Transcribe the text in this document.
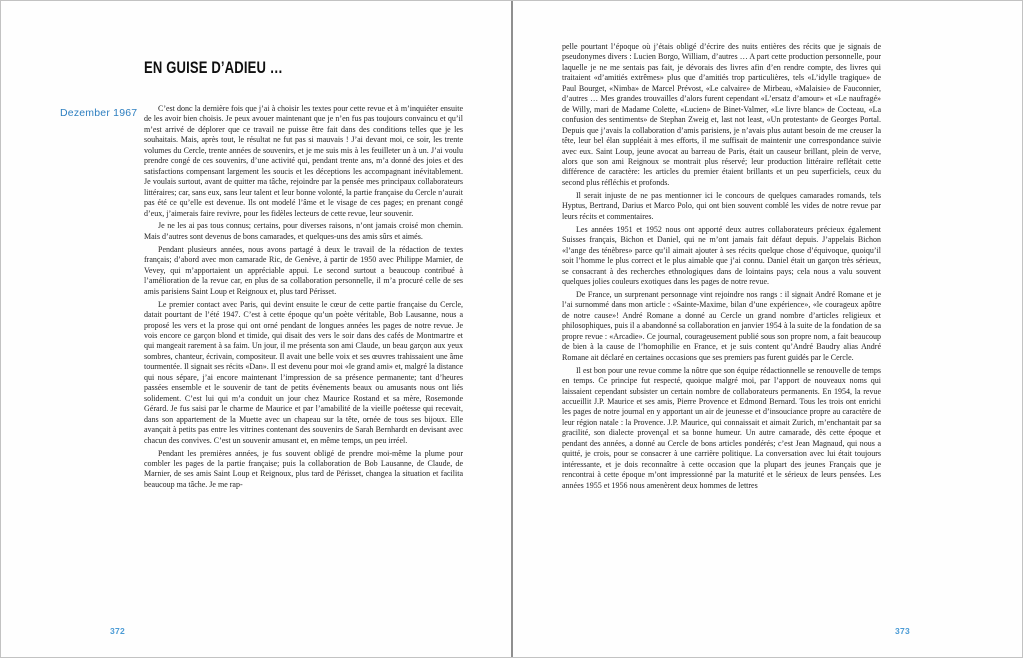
Dezember 1967
EN GUISE D’ADIEU …

C’est donc la dernière fois que j’ai à choisir les textes pour cette revue et à m’inquiéter ensuite de les avoir bien choisis. Je peux avouer maintenant que je n’en fus pas toujours convaincu et qu’il m’est arrivé de déplorer que ce travail ne puisse être fait dans des conditions telles que je les souhaitais. Mais, après tout, le résultat ne fut pas si mauvais ! J’ai devant moi, ce soir, les trente volumes du Cercle, trente années de souvenirs, et je me suis mis à les feuilleter un à un. J’ai voulu prendre congé de ces souvenirs, d’une activité qui, pendant trente ans, m’a donné des joies et des satisfactions compensant largement les soucis et les déceptions les accompagnant inévitablement. Je voulais surtout, avant de quitter ma tâche, rejoindre par la pensée mes principaux collaborateurs littéraires; car, sans eux, sans leur talent et leur bonne volonté, la partie française du Cercle n’aurait pas été ce qu’elle est devenue. Ils ont modelé l’âme et le visage de ces pages; en prenant congé d’eux, j’aimerais faire revivre, pour les fidèles lecteurs de cette revue, leur souvenir.

Je ne les ai pas tous connus; certains, pour diverses raisons, n’ont jamais croisé mon chemin. Mais d’autres sont devenus de bons camarades, et quelques-uns des amis sûrs et aimés.

Pendant plusieurs années, nous avons partagé à deux le travail de la rédaction de textes français; d’abord avec mon camarade Ric, de Genève, à partir de 1950 avec Philippe Marnier, de Vevey, qui m’apportaient un appréciable appui. Le second surtout a beaucoup contribué à l’amélioration de la revue car, en plus de sa collaboration personnelle, il m’a procuré celle de ses amis parisiens Saint Loup et Reignoux et, plus tard Périsset.

Le premier contact avec Paris, qui devint ensuite le cœur de cette partie française du Cercle, datait pourtant de l’été 1947. C’est à cette époque qu’un poète véritable, Bob Lausanne, nous a proposé les vers et la prose qui ont orné pendant de longues années les pages de notre revue. Je vois encore ce garçon blond et timide, qui disait des vers le soir dans des cafés de Montmartre et qui mangeait rarement à sa faim. Un jour, il me présenta son ami Claude, un beau garçon aux yeux sombres, chanteur, écrivain, compositeur. Il avait une belle voix et ses œuvres trahissaient une âme tourmentée. Il signait ses récits «Dan». Il est devenu pour moi «le grand ami» et, malgré la distance qui nous sépare, j’ai encore maintenant l’impression de sa présence permanente; tant d’heures passées ensemble et le souvenir de tant de petits évènements beaux ou amusants nous ont liés solidement. C’est lui qui m’a conduit un jour chez Maurice Rostand et sa mère, Rosemonde Gérard. Je fus saisi par le charme de Maurice et par l’amabilité de la vieille poétesse qui recevait, dans son appartement de la Muette avec un chapeau sur la tête, ornée de tous ses bijoux. Elle avançait à petits pas entre les vitrines contenant des souvenirs de Sarah Bernhardt en devisant avec chacun des convives. C’est un souvenir amusant et, en même temps, un peu irréel.

Pendant les premières années, je fus souvent obligé de prendre moi-même la plume pour combler les pages de la partie française; puis la collaboration de Bob Lausanne, de Claude, de Marnier, de ses amis Saint Loup et Reignoux, plus tard de Périsset, changea la situation et facilita beaucoup ma tâche. Je me rap-

372

pelle pourtant l’époque où j’étais obligé d’écrire des nuits entières des récits que je signais de pseudonymes divers : Lucien Borgo, William, d’autres … A part cette production personnelle, pour laquelle je ne me sentais pas fait, je dévorais des livres afin d’en rendre compte, des livres qui traitaient «d’amitiés extrêmes» plus que d’amitiés trop particulières, tels «L’idylle tragique» de Paul Bourget, «Nimba» de Marcel Prévost, «Le calvaire» de Mirbeau, «Malaisie» de Fauconnier, d’autres … Mes grandes trouvailles d’alors furent cependant «L’ersatz d’amour» et «Le naufragé» de Willy, mari de Madame Colette, «Lucien» de Binet-Valmer, «Le livre blanc» de Cocteau, «La confusion des sentiments» de Stephan Zweig et, last not least, «Un protestant» de Georges Portal. Depuis que j’avais la collaboration d’amis parisiens, je n’avais plus autant besoin de me creuser la tête, leur bel élan suppléait à mes efforts, il me suffisait de maintenir une correspondance suivie avec eux. Saint Loup, jeune avocat au barreau de Paris, était un causeur brillant, plein de verve, alors que son ami Reignoux se montrait plus réservé; leur production littéraire reflétait cette différence de caractère: les articles du premier étaient brillants et un peu superficiels, ceux du second plus réfléchis et profonds.

Il serait injuste de ne pas mentionner ici le concours de quelques camarades romands, tels Hyptus, Bertrand, Darius et Marco Polo, qui ont bien souvent comblé les vides de notre revue par leurs récits et commentaires.

Les années 1951 et 1952 nous ont apporté deux autres collaborateurs précieux également Suisses français, Bichon et Daniel, qui ne m’ont jamais fait défaut depuis. J’appelais Bichon «l’ange des ténèbres» parce qu’il aimait ajouter à ses récits quelque chose d’équivoque, quoiqu’il soit l’homme le plus correct et le plus aimable que j’ai connu. Daniel était un garçon très sérieux, se consacrant à des recherches ethnologiques dans de lointains pays; cela nous a valu souvent quelques jolies couleurs exotiques dans les pages de notre revue.

De France, un surprenant personnage vint rejoindre nos rangs : il signait André Romane et je l’ai surnommé dans mon article : «Sainte-Maxime, bilan d’une expérience», «le courageux apôtre de notre cause»! André Romane a donné au Cercle un grand nombre d’articles religieux et philosophiques, puis il a abandonné sa collaboration en janvier 1954 à la suite de la fondation de sa propre revue : «Arcadie». Ce journal, courageusement publié sous son propre nom, a fait beaucoup de bien à la cause de l’homophilie en France, et je suis content qu’André Baudry alias André Romane ait déclaré en certaines occasions que ses premiers pas furent guidés par le Cercle.

Il est bon pour une revue comme la nôtre que son équipe rédactionnelle se renouvelle de temps en temps. Ce principe fut respecté, quoique malgré moi, par l’apport de nouveaux noms qui laissaient cependant subsister un certain nombre de collaborateurs permanents. En 1954, la revue accueillit J.P. Maurice et ses amis, Pierre Provence et Edmond Bernard. Tous les trois ont enrichi les pages de notre journal en y apportant un air de jeunesse et d’insouciance propre au caractère de leur région natale : la Provence. J.P. Maurice, qui connaissait et aimait Zurich, m’enchantait par sa gracilité, son dialecte provençal et sa bonne humeur. Un autre camarade, dès cette époque et pendant des années, a donné au Cercle de bons articles pondérés; c’est Jean Magnaud, qui nous a quitté, je crois, pour se consacrer à une carrière politique. La conversation avec lui était toujours intéressante, et je dois reconnaître à cette occasion que la plupart des jeunes Français que je rencontrai à cette époque m’ont impressionné par la maturité et le sérieux de leurs pensées. Les années 1955 et 1956 nous amenèrent deux hommes de lettres

373
